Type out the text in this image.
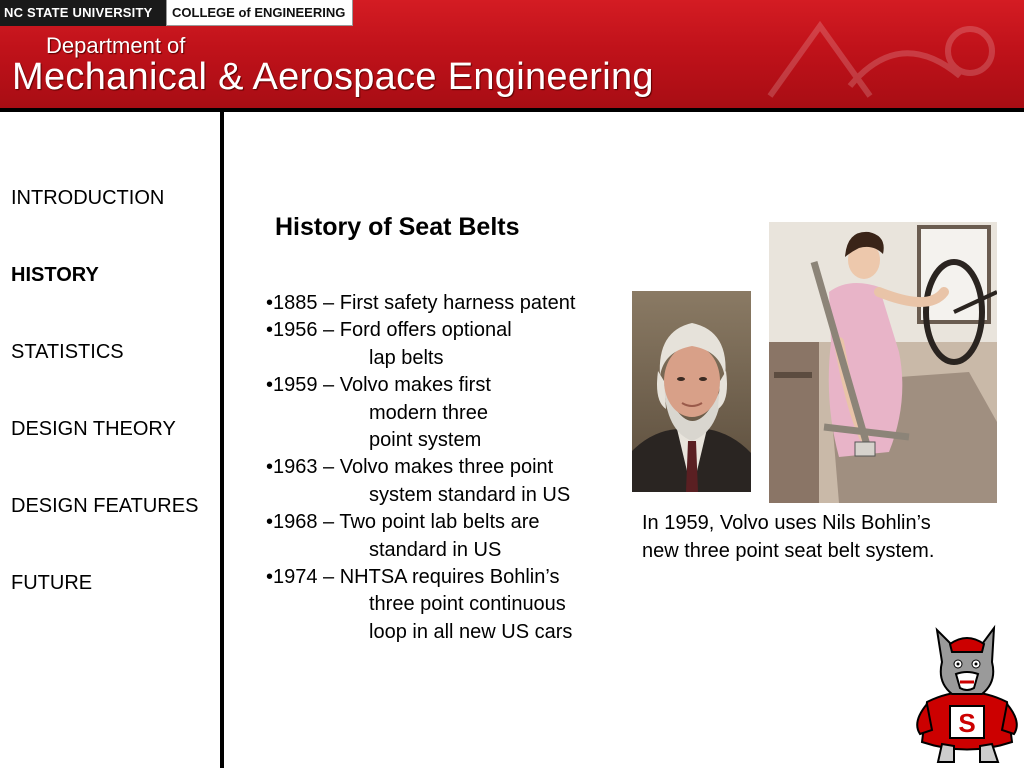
NC STATE UNIVERSITY	COLLEGE of ENGINEERING
Department of
Mechanical & Aerospace Engineering
INTRODUCTION
HISTORY
STATISTICS
DESIGN THEORY
DESIGN FEATURES
FUTURE
History of Seat Belts
•1885 – First safety harness patent
•1956 – Ford offers optional
lap belts
•1959 – Volvo makes first
modern three
point system
•1963 – Volvo makes three point
system standard in US
•1968 – Two point lab belts are
standard in US
•1974 – NHTSA requires Bohlin’s
three point continuous
loop in all new US cars
In 1959, Volvo uses Nils Bohlin’s
new three point seat belt system.
S
